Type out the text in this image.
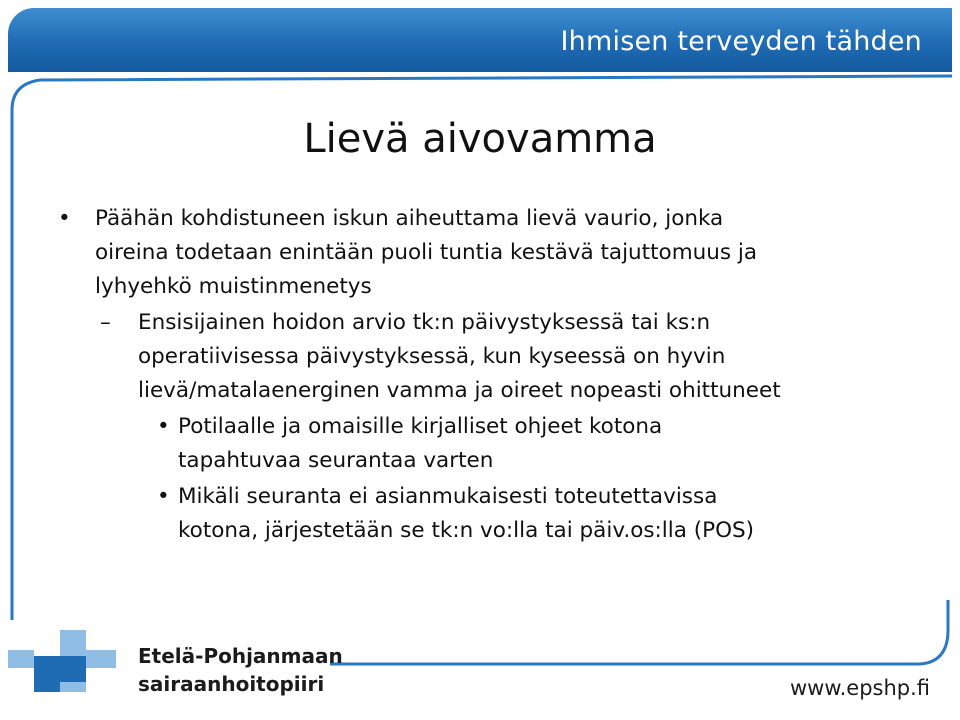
Ihmisen terveyden tähden
Lievä aivovamma
• Päähän kohdistuneen iskun aiheuttama lievä vaurio, jonka
oireina todetaan enintään puoli tuntia kestävä tajuttomuus ja
lyhyehkö muistinmenetys
– Ensisijainen hoidon arvio tk:n päivystyksessä tai ks:n
operatiivisessa päivystyksessä, kun kyseessä on hyvin
lievä/matalaenerginen vamma ja oireet nopeasti ohittuneet
• Potilaalle ja omaisille kirjalliset ohjeet kotona
tapahtuvaa seurantaa varten
• Mikäli seuranta ei asianmukaisesti toteutettavissa
kotona, järjestetään se tk:n vo:lla tai päiv.os:lla (POS)
Etelä-Pohjanmaan
sairaanhoitopiiri	www.epshp.fi
